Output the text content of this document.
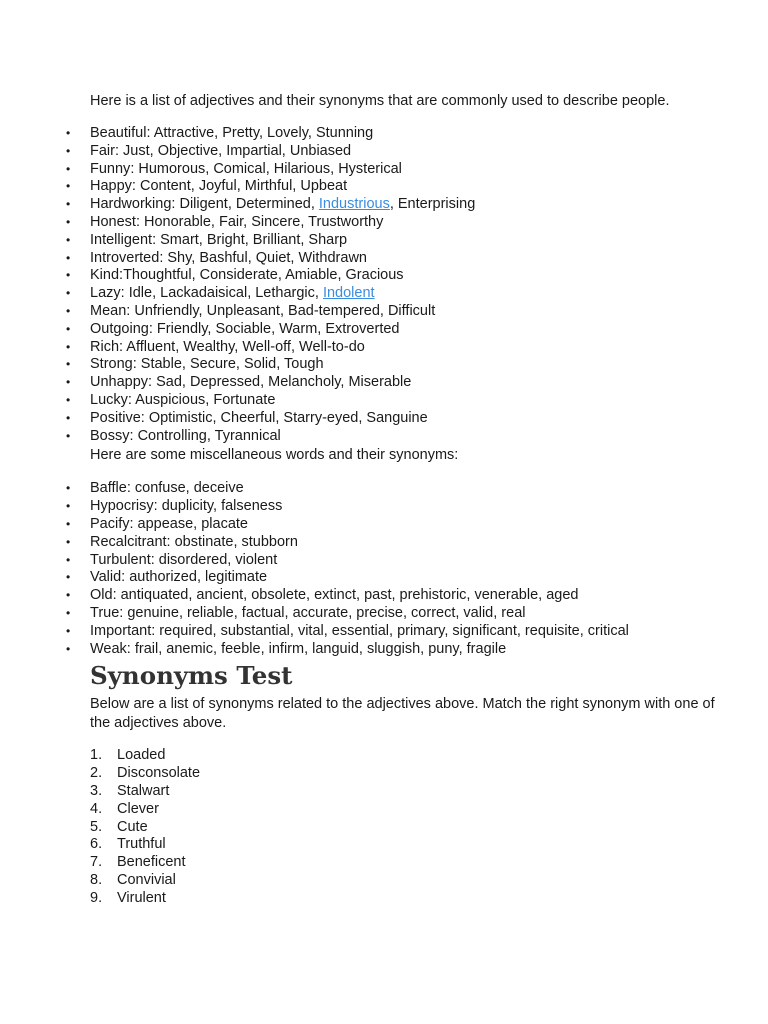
Here is a list of adjectives and their synonyms that are commonly used to describe people.

• Beautiful: Attractive, Pretty, Lovely, Stunning
• Fair: Just, Objective, Impartial, Unbiased
• Funny: Humorous, Comical, Hilarious, Hysterical
• Happy: Content, Joyful, Mirthful, Upbeat
• Hardworking: Diligent, Determined, Industrious, Enterprising
• Honest: Honorable, Fair, Sincere, Trustworthy
• Intelligent: Smart, Bright, Brilliant, Sharp
• Introverted: Shy, Bashful, Quiet, Withdrawn
• Kind:Thoughtful, Considerate, Amiable, Gracious
• Lazy: Idle, Lackadaisical, Lethargic, Indolent
• Mean: Unfriendly, Unpleasant, Bad-tempered, Difficult
• Outgoing: Friendly, Sociable, Warm, Extroverted
• Rich: Affluent, Wealthy, Well-off, Well-to-do
• Strong: Stable, Secure, Solid, Tough
• Unhappy: Sad, Depressed, Melancholy, Miserable
• Lucky: Auspicious, Fortunate
• Positive: Optimistic, Cheerful, Starry-eyed, Sanguine
• Bossy: Controlling, Tyrannical

Here are some miscellaneous words and their synonyms:

• Baffle: confuse, deceive
• Hypocrisy: duplicity, falseness
• Pacify: appease, placate
• Recalcitrant: obstinate, stubborn
• Turbulent: disordered, violent
• Valid: authorized, legitimate
• Old: antiquated, ancient, obsolete, extinct, past, prehistoric, venerable, aged
• True: genuine, reliable, factual, accurate, precise, correct, valid, real
• Important: required, substantial, vital, essential, primary, significant, requisite, critical
• Weak: frail, anemic, feeble, infirm, languid, sluggish, puny, fragile
Synonyms Test

Below are a list of synonyms related to the adjectives above. Match the right synonym with one of the adjectives above.

1. Loaded
2. Disconsolate
3. Stalwart
4. Clever
5. Cute
6. Truthful
7. Beneficent
8. Convivial
9. Virulent
